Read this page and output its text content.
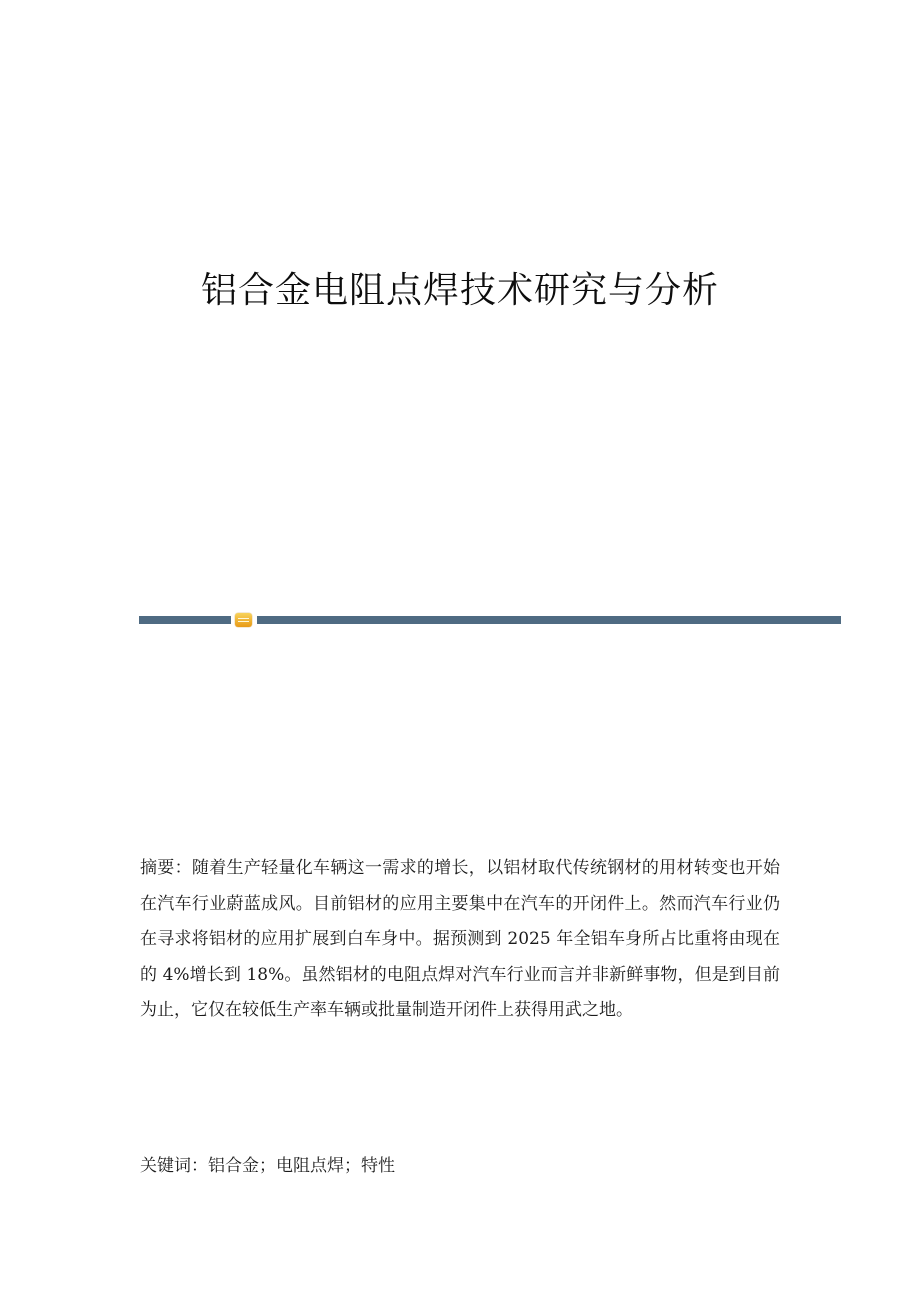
铝合金电阻点焊技术研究与分析

摘要：随着生产轻量化车辆这一需求的增长，以铝材取代传统钢材的用材转变也开始在汽车行业蔚蓝成风。目前铝材的应用主要集中在汽车的开闭件上。然而汽车行业仍在寻求将铝材的应用扩展到白车身中。据预测到 2025 年全铝车身所占比重将由现在的 4%增长到 18%。虽然铝材的电阻点焊对汽车行业而言并非新鲜事物，但是到目前为止，它仅在较低生产率车辆或批量制造开闭件上获得用武之地。

关键词：铝合金；电阻点焊；特性
